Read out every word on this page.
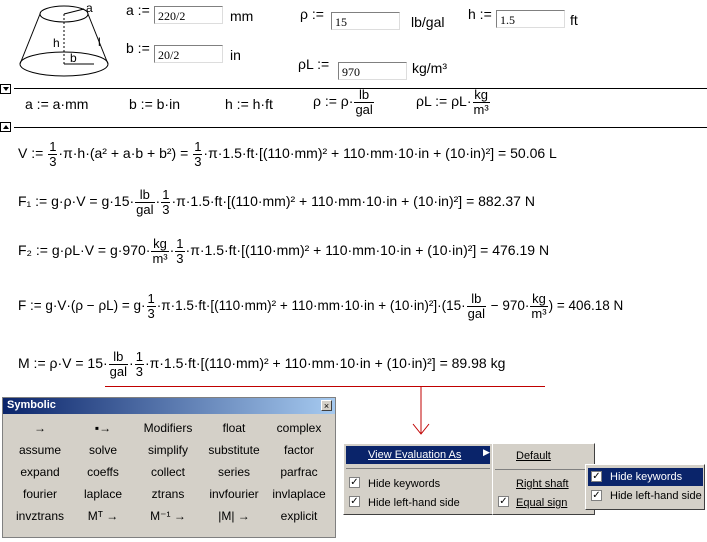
a
h	l
b
a := 220/2	mm
b := 20/2	in
ρ := 15	lb/gal h := 1.5	ft
ρL :=	970	kg/m³
a := a·mm	b := b·in	h := h·ft	ρ := $\rho\cdot \frac{lb}{\text{gal}}$	ρL := $\rho L\cdot \frac{kg}{\text{m³}}$
V := $\frac{1}{3} \cdot\pi\cdot h\cdot(a^2 + a\cdot b + b^2) = \frac{1}{3} \cdot\pi\cdot 1.5\cdot ft\cdot[(110\cdot mm)^2 + 110\cdot mm\cdot 10\cdot in + (10\cdot in)^2] = 50.06$ L
F₁ := $g\cdot\rho\cdot V = g\cdot 15\cdot \frac{lb}{\text{gal}} \cdot \frac{1}{3} \cdot\pi\cdot 1.5\cdot ft\cdot[(110\cdot mm)^2 + 110\cdot mm\cdot 10\cdot in + (10\cdot in)^2] = 882.37$ N
F₂ := $g\cdot\rho L\cdot V = g\cdot 970\cdot \frac{kg}{\text{m³}} \cdot \frac{1}{3} \cdot\pi\cdot 1.5\cdot ft\cdot[(110\cdot mm)^2 + 110\cdot mm\cdot 10\cdot in + (10\cdot in)^2] = 476.19$ N
F := $g\cdot V\cdot(\rho - \rho L) = g\cdot \frac{1}{3} \cdot\pi\cdot 1.5\cdot ft\cdot[(110\cdot mm)^2 + 110\cdot mm\cdot 10\cdot in + (10\cdot in)^2]\cdot(15\cdot \frac{lb}{\text{gal}} - 970\cdot \frac{kg}{\text{m³}}$ ) = 406.18 N
M := $\rho\cdot V = 15\cdot \frac{lb}{\text{gal}} \cdot \frac{1}{3} \cdot\pi\cdot 1.5\cdot ft\cdot[(110\cdot mm)^2 + 110\cdot mm\cdot 10\cdot in + (10\cdot in)^2] = 89.98$ kg
Symbolic	×
→	▪→	Modifiers	float	complex
assume	solve	simplify	substitute	factor
expand	coeffs	collect	series	parfrac
fourier	laplace	ztrans	invfourier	invlaplace
invztrans	Mᵀ →	M⁻¹ →	|M| →	explicit
View Evaluation As ▶
✓ Hide keywords
✓ Hide left-hand side
Default
Right shaft
✓ Equal sign
✓ Hide keywords
✓ Hide left-hand side
